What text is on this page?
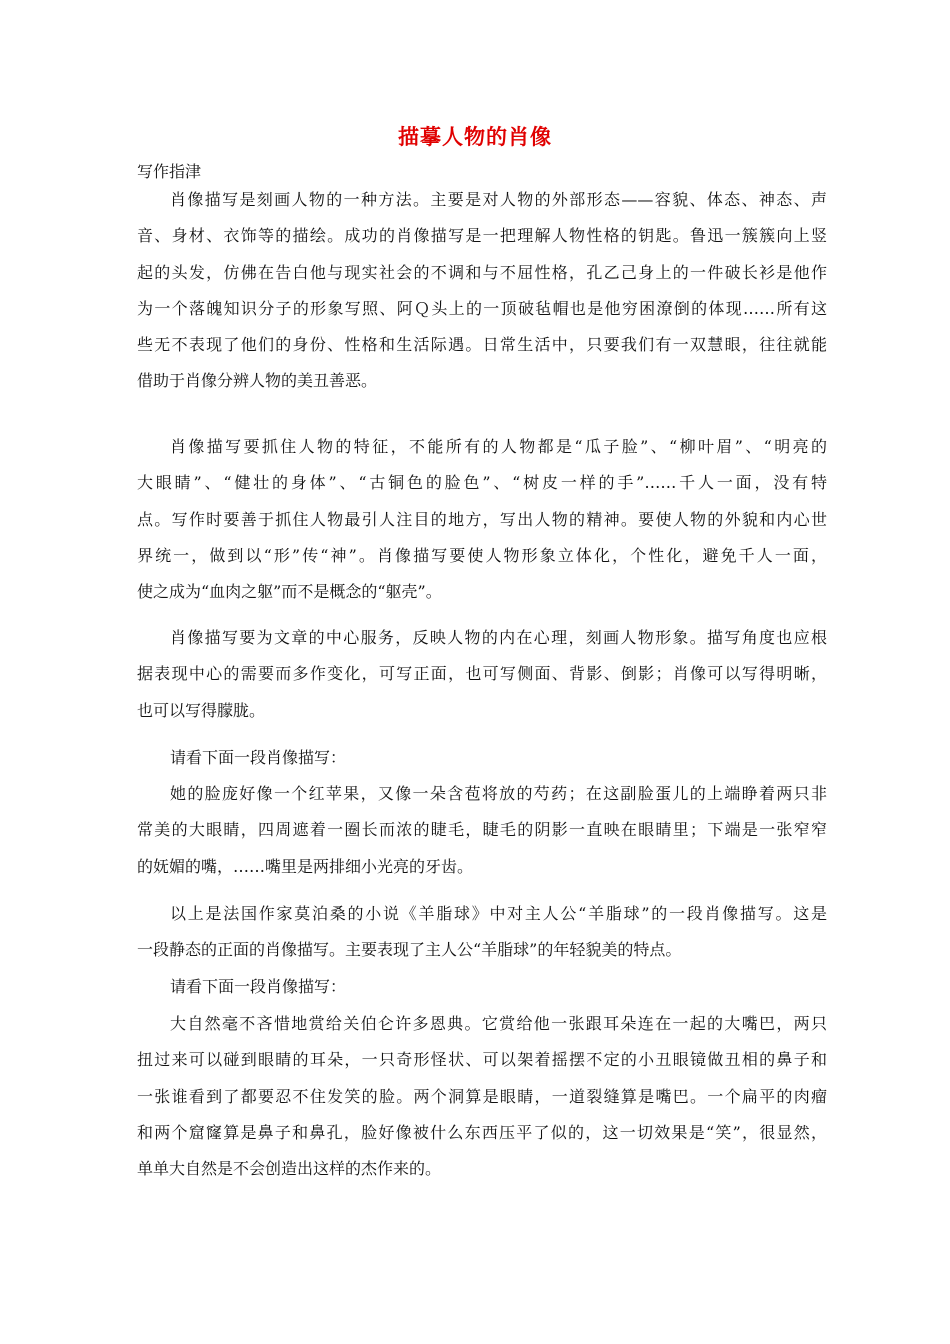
描摹人物的肖像
写作指津
肖像描写是刻画人物的一种方法。主要是对人物的外部形态——容貌、体态、神态、声
音、身材、衣饰等的描绘。成功的肖像描写是一把理解人物性格的钥匙。鲁迅一簇簇向上竖
起的头发，仿佛在告白他与现实社会的不调和与不屈性格，孔乙己身上的一件破长衫是他作
为一个落魄知识分子的形象写照、阿Ｑ头上的一顶破毡帽也是他穷困潦倒的体现……所有这
些无不表现了他们的身份、性格和生活际遇。日常生活中，只要我们有一双慧眼，往往就能
借助于肖像分辨人物的美丑善恶。
肖像描写要抓住人物的特征，不能所有的人物都是“瓜子脸”、“柳叶眉”、“明亮的
大眼睛”、“健壮的身体”、“古铜色的脸色”、“树皮一样的手”……千人一面，没有特
点。写作时要善于抓住人物最引人注目的地方，写出人物的精神。要使人物的外貌和内心世
界统一，做到以“形”传“神”。肖像描写要使人物形象立体化，个性化，避免千人一面，
使之成为“血肉之躯”而不是概念的“躯壳”。
肖像描写要为文章的中心服务，反映人物的内在心理，刻画人物形象。描写角度也应根
据表现中心的需要而多作变化，可写正面，也可写侧面、背影、倒影；肖像可以写得明晰，
也可以写得朦胧。
请看下面一段肖像描写：
她的脸庞好像一个红苹果，又像一朵含苞将放的芍药；在这副脸蛋儿的上端睁着两只非
常美的大眼睛，四周遮着一圈长而浓的睫毛，睫毛的阴影一直映在眼睛里；下端是一张窄窄
的妩媚的嘴，……嘴里是两排细小光亮的牙齿。
以上是法国作家莫泊桑的小说《羊脂球》中对主人公“羊脂球”的一段肖像描写。这是
一段静态的正面的肖像描写。主要表现了主人公“羊脂球”的年轻貌美的特点。
请看下面一段肖像描写：
大自然毫不吝惜地赏给关伯仑许多恩典。它赏给他一张跟耳朵连在一起的大嘴巴，两只
扭过来可以碰到眼睛的耳朵，一只奇形怪状、可以架着摇摆不定的小丑眼镜做丑相的鼻子和
一张谁看到了都要忍不住发笑的脸。两个洞算是眼睛，一道裂缝算是嘴巴。一个扁平的肉瘤
和两个窟窿算是鼻子和鼻孔，脸好像被什么东西压平了似的，这一切效果是“笑”，很显然，
单单大自然是不会创造出这样的杰作来的。
